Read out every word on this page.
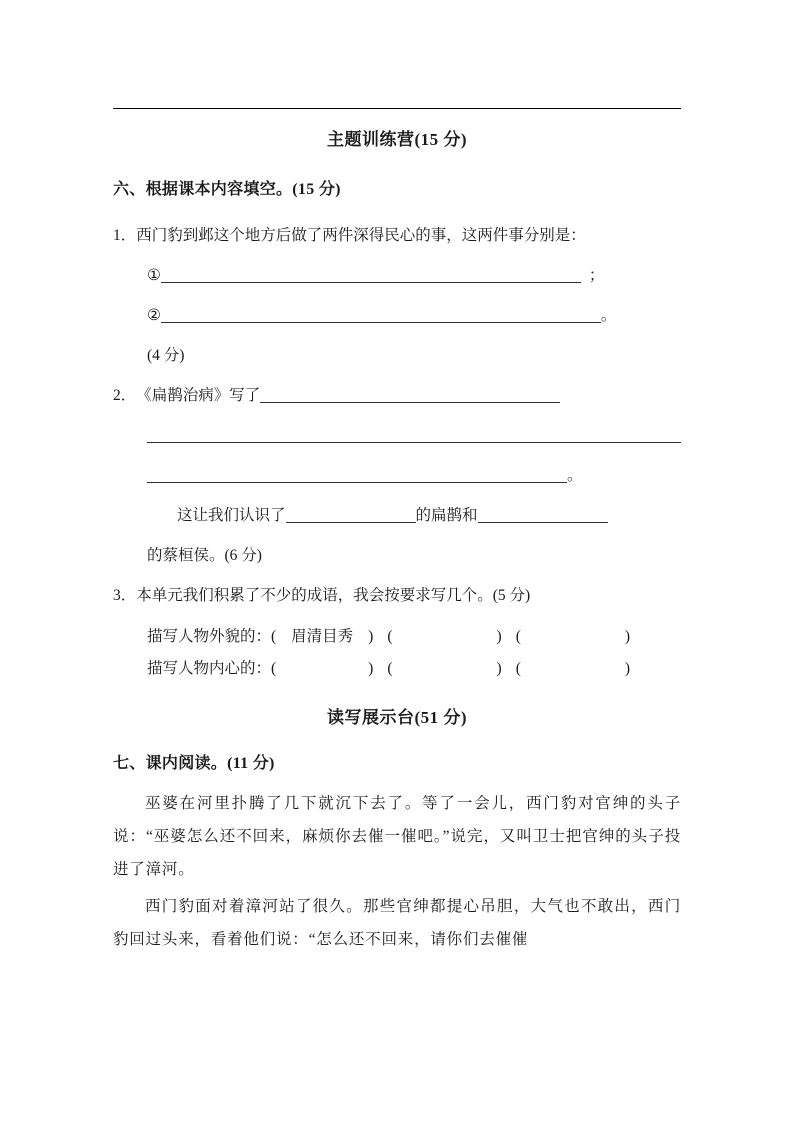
主题训练营(15 分)
六、根据课本内容填空。(15 分)
1．西门豹到邺这个地方后做了两件深得民心的事，这两件事分别是：
①	；
②	。
(4 分)
2．《扁鹊治病》写了
。
这让我们认识了	的扁鹊和
的蔡桓侯。(6 分)
3．本单元我们积累了不少的成语，我会按要求写几个。(5 分)
描写人物外貌的：( 眉清目秀 ) (	) (	)
描写人物内心的：(	) (	) (	)
读写展示台(51 分)
七、课内阅读。(11 分)

巫婆在河里扑腾了几下就沉下去了。等了一会儿，西门豹对官绅的头子说：“巫婆怎么还不回来，麻烦你去催一催吧。”说完，又叫卫士把官绅的头子投进了漳河。

西门豹面对着漳河站了很久。那些官绅都提心吊胆，大气也不敢出，西门豹回过头来，看着他们说：“怎么还不回来，请你们去催催
